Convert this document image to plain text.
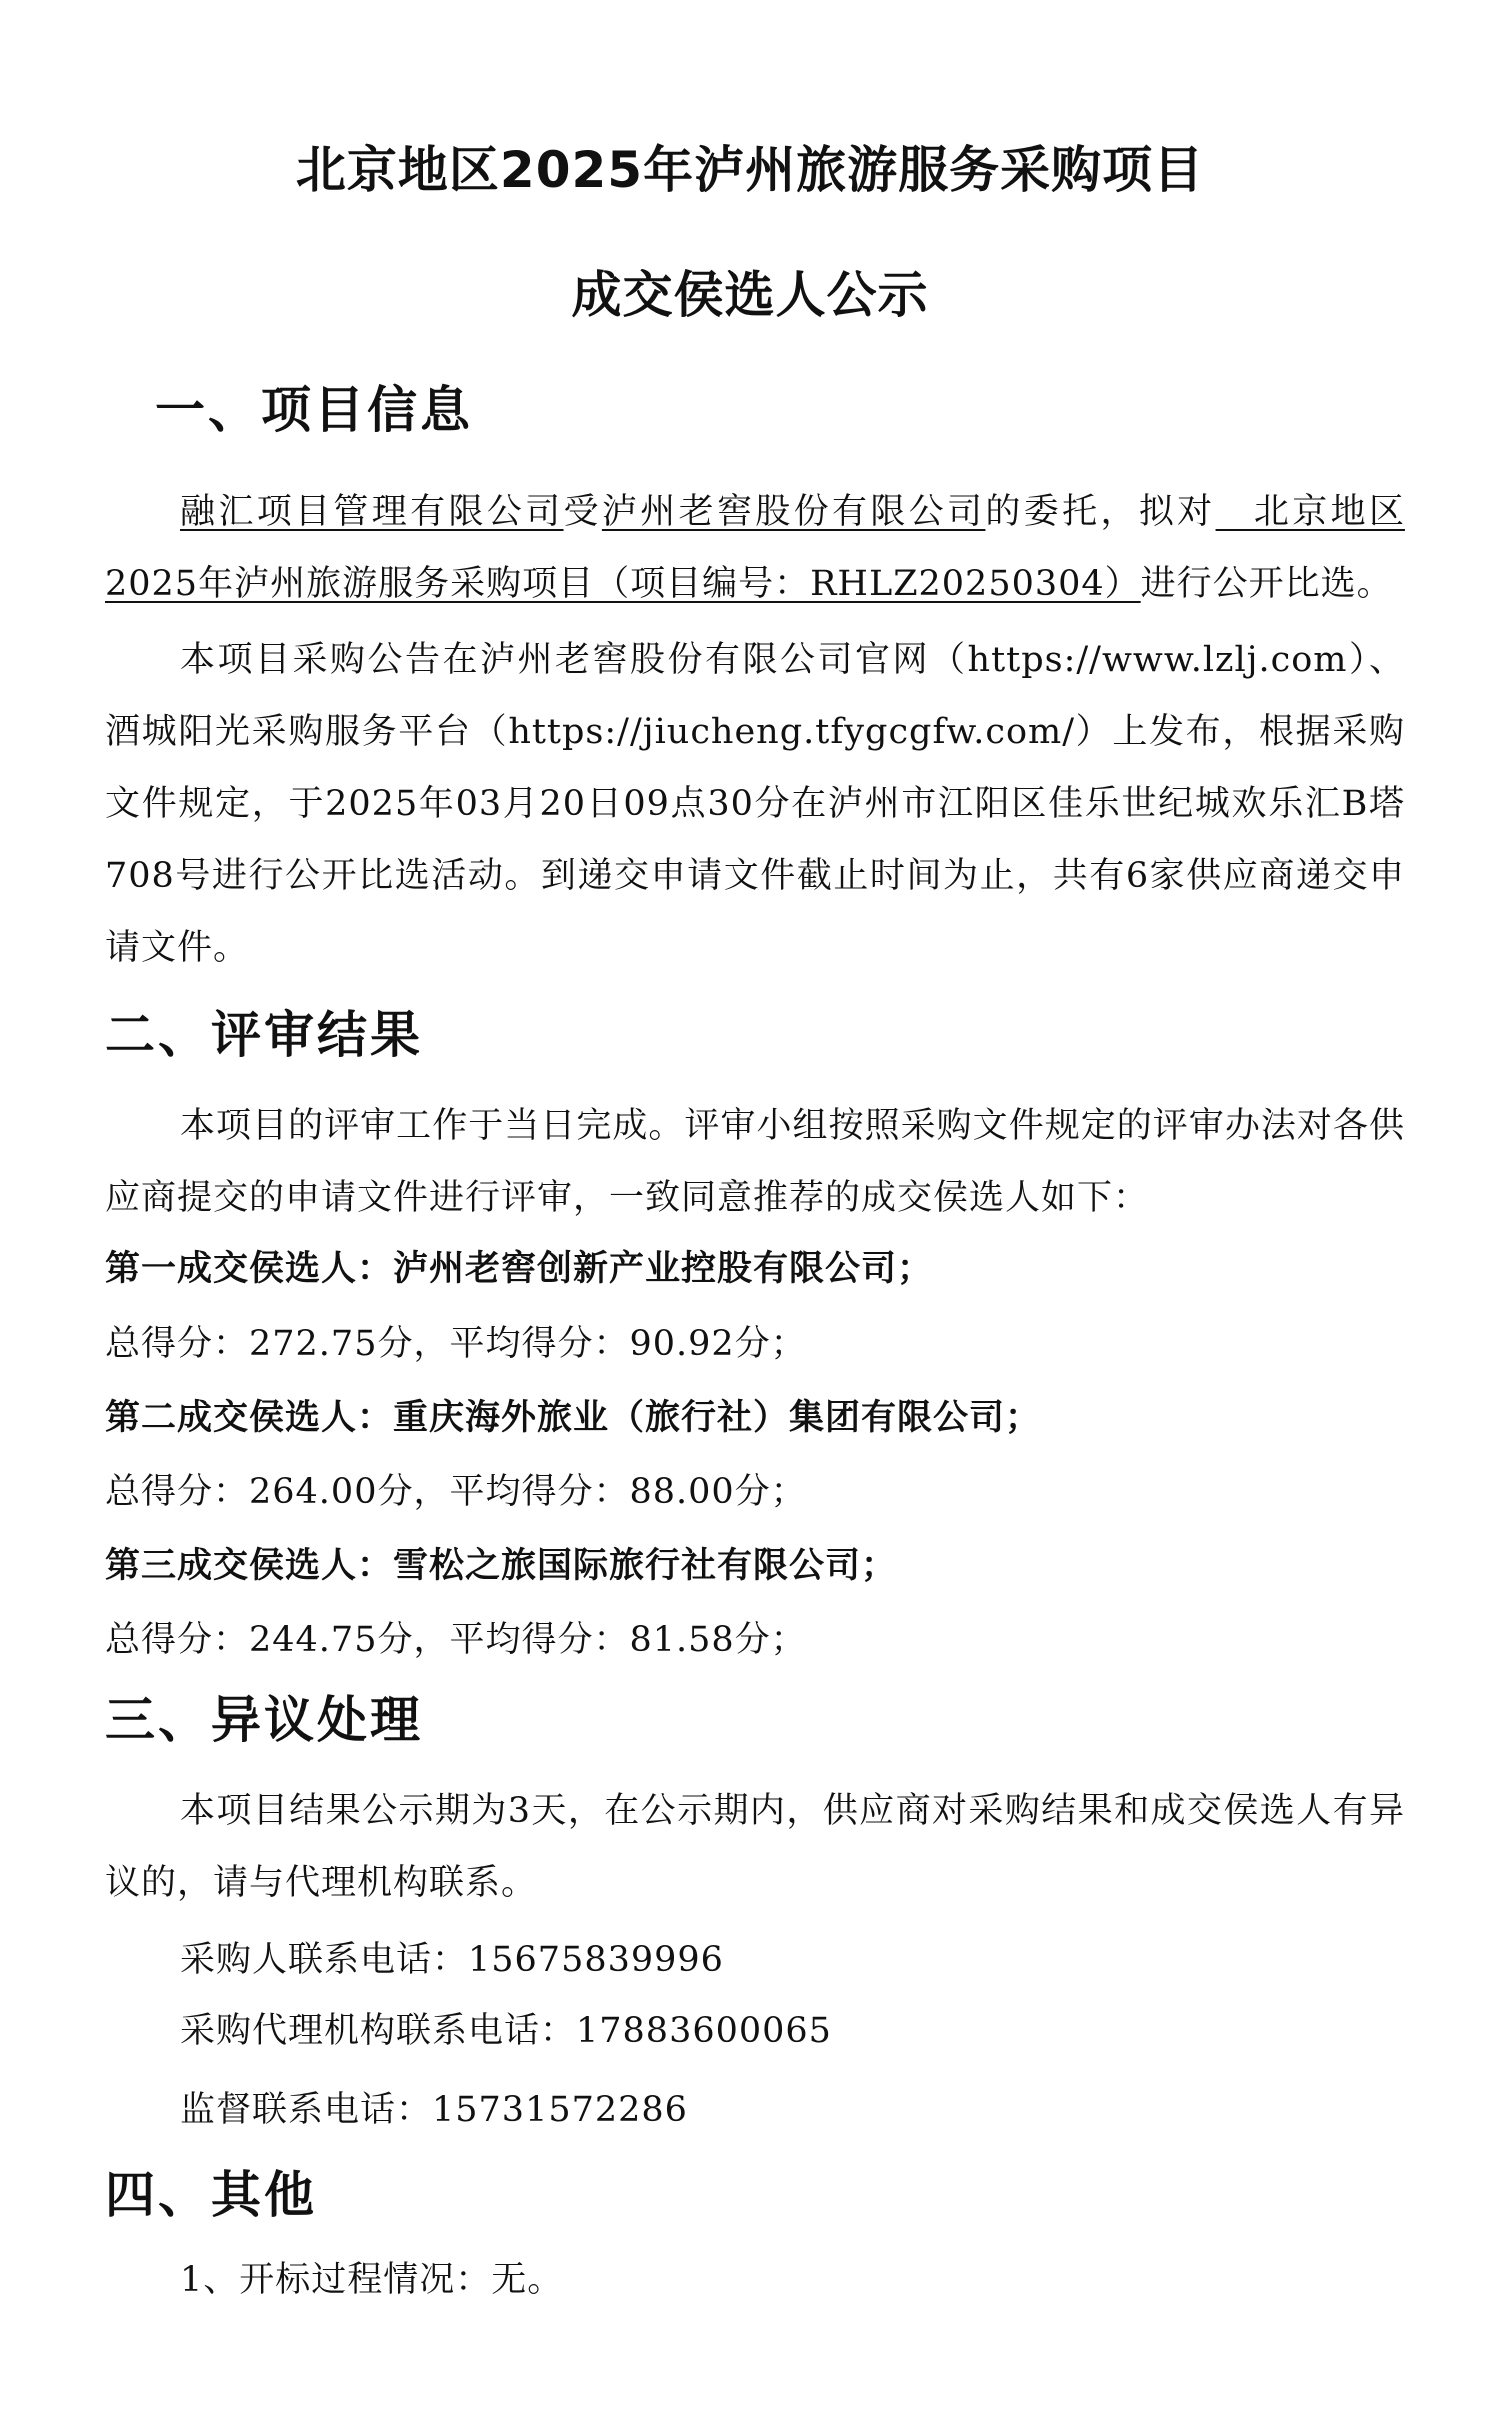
北京地区2025年泸州旅游服务采购项目
成交侯选人公示
一、项目信息
融汇项目管理有限公司受泸州老窖股份有限公司的委托，拟对　北京地区2025年泸州旅游服务采购项目（项目编号：RHLZ20250304）进行公开比选。
本项目采购公告在泸州老窖股份有限公司官网（https://www.lzlj.com）、酒城阳光采购服务平台（https://jiucheng.tfygcgfw.com/）上发布，根据采购文件规定，于2025年03月20日09点30分在泸州市江阳区佳乐世纪城欢乐汇B塔708号进行公开比选活动。到递交申请文件截止时间为止，共有6家供应商递交申请文件。
二、评审结果
本项目的评审工作于当日完成。评审小组按照采购文件规定的评审办法对各供应商提交的申请文件进行评审，一致同意推荐的成交侯选人如下：
第一成交侯选人：泸州老窖创新产业控股有限公司；
总得分：272.75分，平均得分：90.92分；
第二成交侯选人：重庆海外旅业（旅行社）集团有限公司；
总得分：264.00分，平均得分：88.00分；
第三成交侯选人：雪松之旅国际旅行社有限公司；
总得分：244.75分，平均得分：81.58分；
三、异议处理
本项目结果公示期为3天，在公示期内，供应商对采购结果和成交侯选人有异议的，请与代理机构联系。
采购人联系电话：15675839996
采购代理机构联系电话：17883600065
监督联系电话：15731572286
四、其他
1、开标过程情况：无。
